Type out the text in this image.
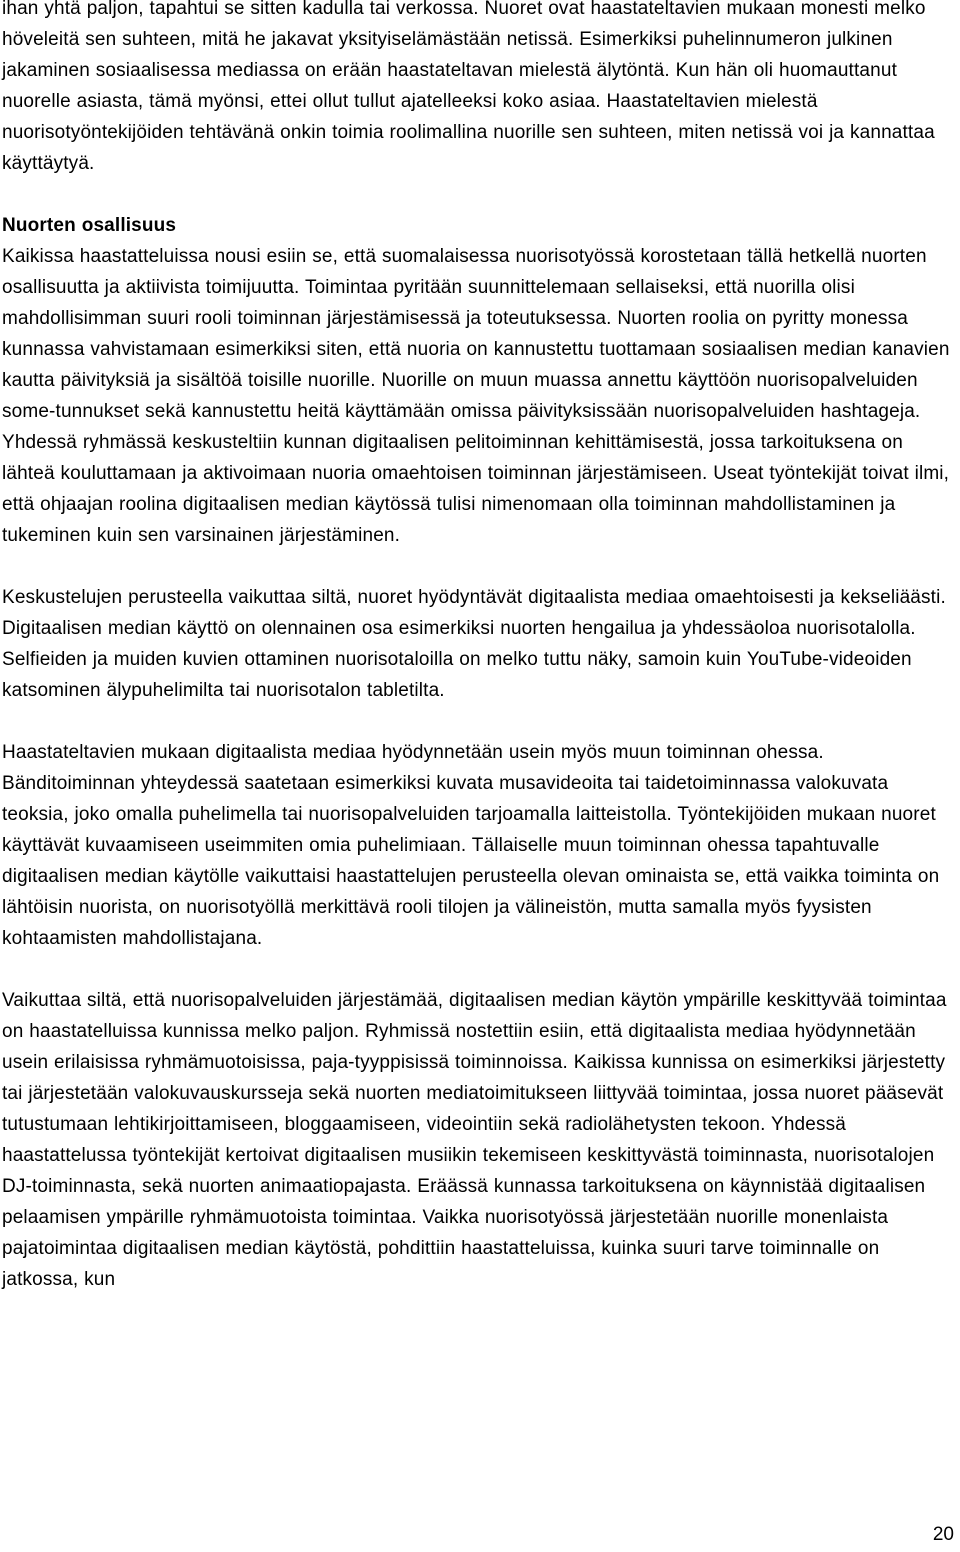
ihan yhtä paljon, tapahtui se sitten kadulla tai verkossa. Nuoret ovat haastateltavien mukaan monesti melko höveleitä sen suhteen, mitä he jakavat yksityiselämästään netissä. Esimerkiksi puhelinnumeron julkinen jakaminen sosiaalisessa mediassa on erään haastateltavan mielestä älytöntä. Kun hän oli huomauttanut nuorelle asiasta, tämä myönsi, ettei ollut tullut ajatelleeksi koko asiaa. Haastateltavien mielestä nuorisotyöntekijöiden tehtävänä onkin toimia roolimallina nuorille sen suhteen, miten netissä voi ja kannattaa käyttäytyä.

Nuorten osallisuus

Kaikissa haastatteluissa nousi esiin se, että suomalaisessa nuorisotyössä korostetaan tällä hetkellä nuorten osallisuutta ja aktiivista toimijuutta. Toimintaa pyritään suunnittelemaan sellaiseksi, että nuorilla olisi mahdollisimman suuri rooli toiminnan järjestämisessä ja toteutuksessa. Nuorten roolia on pyritty monessa kunnassa vahvistamaan esimerkiksi siten, että nuoria on kannustettu tuottamaan sosiaalisen median kanavien kautta päivityksiä ja sisältöä toisille nuorille. Nuorille on muun muassa annettu käyttöön nuorisopalveluiden some-tunnukset sekä kannustettu heitä käyttämään omissa päivityksissään nuorisopalveluiden hashtageja. Yhdessä ryhmässä keskusteltiin kunnan digitaalisen pelitoiminnan kehittämisestä, jossa tarkoituksena on lähteä kouluttamaan ja aktivoimaan nuoria omaehtoisen toiminnan järjestämiseen. Useat työntekijät toivat ilmi, että ohjaajan roolina digitaalisen median käytössä tulisi nimenomaan olla toiminnan mahdollistaminen ja tukeminen kuin sen varsinainen järjestäminen.

Keskustelujen perusteella vaikuttaa siltä, nuoret hyödyntävät digitaalista mediaa omaehtoisesti ja kekseliäästi. Digitaalisen median käyttö on olennainen osa esimerkiksi nuorten hengailua ja yhdessäoloa nuorisotalolla. Selfieiden ja muiden kuvien ottaminen nuorisotaloilla on melko tuttu näky, samoin kuin YouTube-videoiden katsominen älypuhelimilta tai nuorisotalon tabletilta.

Haastateltavien mukaan digitaalista mediaa hyödynnetään usein myös muun toiminnan ohessa. Bänditoiminnan yhteydessä saatetaan esimerkiksi kuvata musavideoita tai taidetoiminnassa valokuvata teoksia, joko omalla puhelimella tai nuorisopalveluiden tarjoamalla laitteistolla. Työntekijöiden mukaan nuoret käyttävät kuvaamiseen useimmiten omia puhelimiaan. Tällaiselle muun toiminnan ohessa tapahtuvalle digitaalisen median käytölle vaikuttaisi haastattelujen perusteella olevan ominaista se, että vaikka toiminta on lähtöisin nuorista, on nuorisotyöllä merkittävä rooli tilojen ja välineistön, mutta samalla myös fyysisten kohtaamisten mahdollistajana.

Vaikuttaa siltä, että nuorisopalveluiden järjestämää, digitaalisen median käytön ympärille keskittyvää toimintaa on haastatelluissa kunnissa melko paljon. Ryhmissä nostettiin esiin, että digitaalista mediaa hyödynnetään usein erilaisissa ryhmämuotoisissa, paja-tyyppisissä toiminnoissa. Kaikissa kunnissa on esimerkiksi järjestetty tai järjestetään valokuvauskursseja sekä nuorten mediatoimitukseen liittyvää toimintaa, jossa nuoret pääsevät tutustumaan lehtikirjoittamiseen, bloggaamiseen, videointiin sekä radiolähetysten tekoon. Yhdessä haastattelussa työntekijät kertoivat digitaalisen musiikin tekemiseen keskittyvästä toiminnasta, nuorisotalojen DJ-toiminnasta, sekä nuorten animaatiopajasta. Eräässä kunnassa tarkoituksena on käynnistää digitaalisen pelaamisen ympärille ryhmämuotoista toimintaa. Vaikka nuorisotyössä järjestetään nuorille monenlaista pajatoimintaa digitaalisen median käytöstä, pohdittiin haastatteluissa, kuinka suuri tarve toiminnalle on jatkossa, kun

20
